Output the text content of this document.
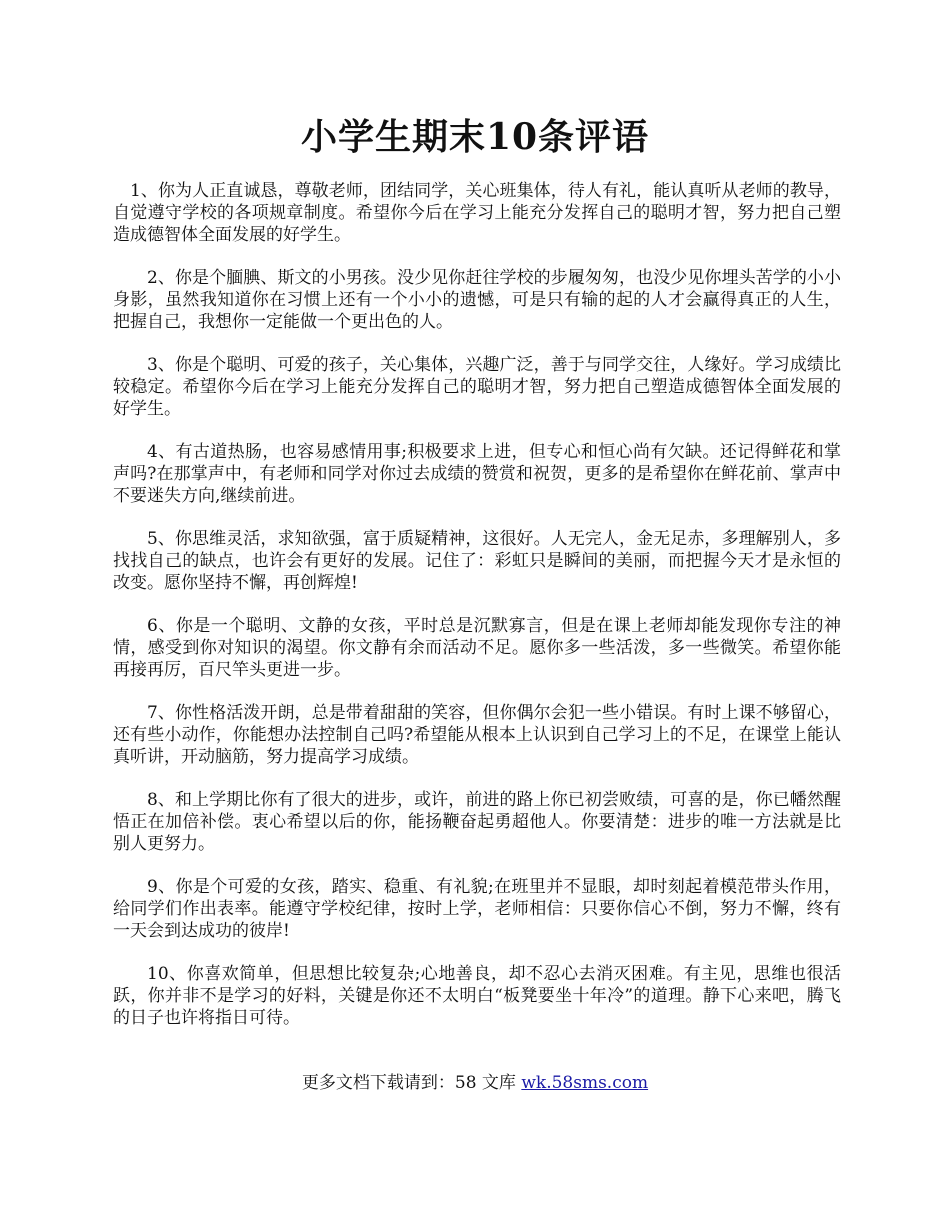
小学生期末10条评语

1、你为人正直诚恳，尊敬老师，团结同学，关心班集体，待人有礼，能认真听从老师的教导，自觉遵守学校的各项规章制度。希望你今后在学习上能充分发挥自己的聪明才智，努力把自己塑造成德智体全面发展的好学生。

2、你是个腼腆、斯文的小男孩。没少见你赶往学校的步履匆匆，也没少见你埋头苦学的小小身影，虽然我知道你在习惯上还有一个小小的遗憾，可是只有输的起的人才会赢得真正的人生，把握自己，我想你一定能做一个更出色的人。

3、你是个聪明、可爱的孩子，关心集体，兴趣广泛，善于与同学交往，人缘好。学习成绩比较稳定。希望你今后在学习上能充分发挥自己的聪明才智，努力把自己塑造成德智体全面发展的好学生。

4、有古道热肠，也容易感情用事;积极要求上进，但专心和恒心尚有欠缺。还记得鲜花和掌声吗?在那掌声中，有老师和同学对你过去成绩的赞赏和祝贺，更多的是希望你在鲜花前、掌声中不要迷失方向,继续前进。

5、你思维灵活，求知欲强，富于质疑精神，这很好。人无完人，金无足赤，多理解别人，多找找自己的缺点，也许会有更好的发展。记住了：彩虹只是瞬间的美丽，而把握今天才是永恒的改变。愿你坚持不懈，再创辉煌!

6、你是一个聪明、文静的女孩，平时总是沉默寡言，但是在课上老师却能发现你专注的神情，感受到你对知识的渴望。你文静有余而活动不足。愿你多一些活泼，多一些微笑。希望你能再接再厉，百尺竿头更进一步。

7、你性格活泼开朗，总是带着甜甜的笑容，但你偶尔会犯一些小错误。有时上课不够留心，还有些小动作，你能想办法控制自己吗?希望能从根本上认识到自己学习上的不足，在课堂上能认真听讲，开动脑筋，努力提高学习成绩。

8、和上学期比你有了很大的进步，或许，前进的路上你已初尝败绩，可喜的是，你已幡然醒悟正在加倍补偿。衷心希望以后的你，能扬鞭奋起勇超他人。你要清楚：进步的唯一方法就是比别人更努力。

9、你是个可爱的女孩，踏实、稳重、有礼貌;在班里并不显眼，却时刻起着模范带头作用，给同学们作出表率。能遵守学校纪律，按时上学，老师相信：只要你信心不倒，努力不懈，终有一天会到达成功的彼岸!

10、你喜欢简单，但思想比较复杂;心地善良，却不忍心去消灭困难。有主见，思维也很活跃，你并非不是学习的好料，关键是你还不太明白“板凳要坐十年冷”的道理。静下心来吧，腾飞的日子也许将指日可待。

更多文档下载请到：58 文库 wk.58sms.com
